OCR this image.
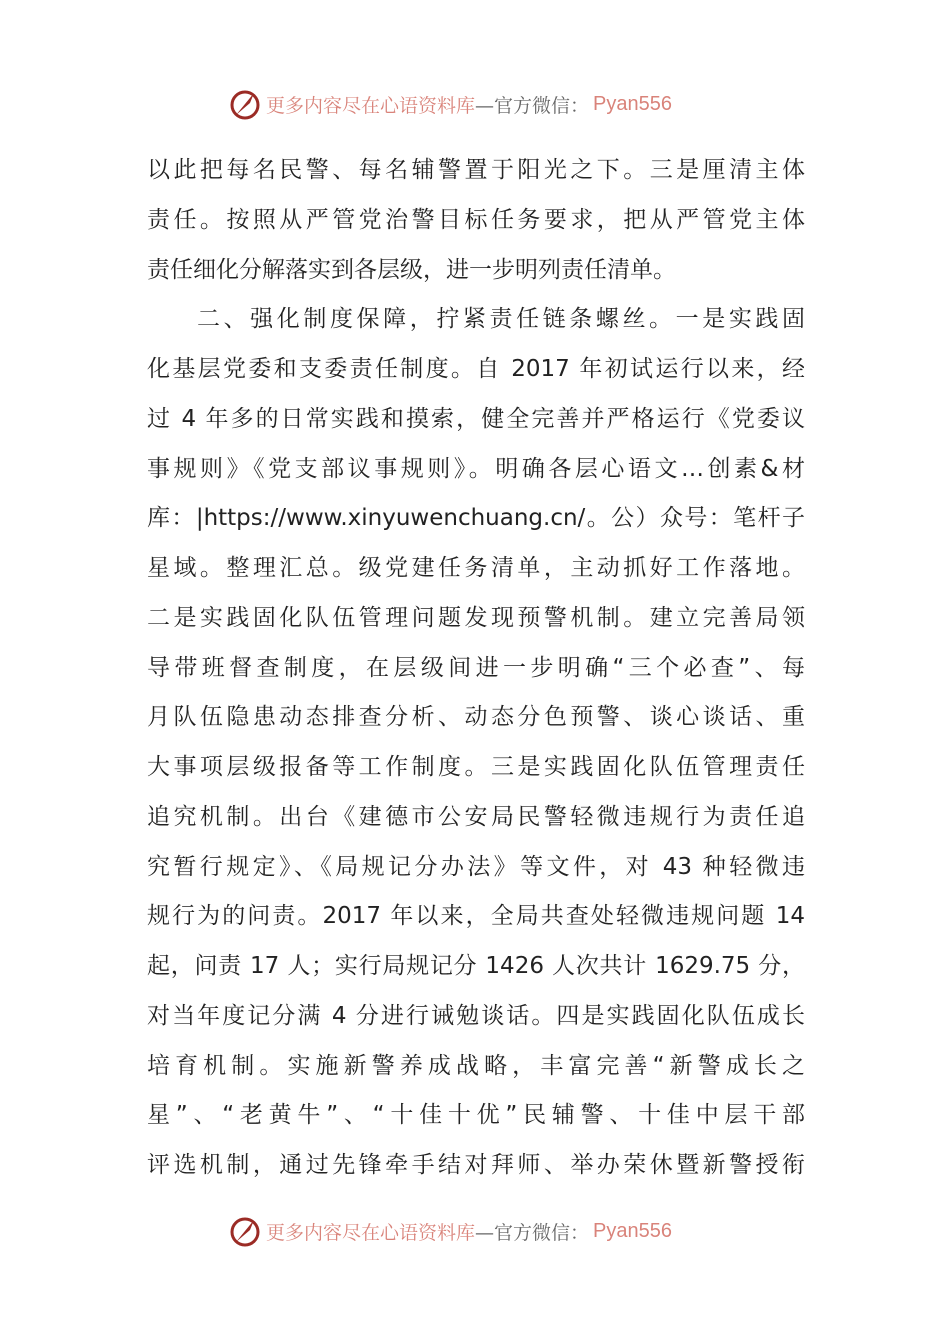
更多内容尽在心语资料库 —官方微信： Pyan556
以此把每名民警、每名辅警置于阳光之下。三是厘清主体
责任。按照从严管党治警目标任务要求，把从严管党主体
责任细化分解落实到各层级，进一步明列责任清单。
二、强化制度保障，拧紧责任链条螺丝。一是实践固
化基层党委和支委责任制度。自 2017 年初试运行以来，经
过 4 年多的日常实践和摸索，健全完善并严格运行《党委议
事规则》《党支部议事规则》。明确各层心语文…创素&材
库：|https://www.xinyuwenchuang.cn/。公）众号：笔杆子
星域。整理汇总。级党建任务清单，主动抓好工作落地。
二是实践固化队伍管理问题发现预警机制。建立完善局领
导带班督查制度，在层级间进一步明确“三个必查”、每
月队伍隐患动态排查分析、动态分色预警、谈心谈话、重
大事项层级报备等工作制度。三是实践固化队伍管理责任
追究机制。出台《建德市公安局民警轻微违规行为责任追
究暂行规定》、《局规记分办法》等文件，对 43 种轻微违
规行为的问责。2017 年以来，全局共查处轻微违规问题 14
起，问责 17 人；实行局规记分 1426 人次共计 1629.75 分，
对当年度记分满 4 分进行诫勉谈话。四是实践固化队伍成长
培育机制。实施新警养成战略，丰富完善“新警成长之
星”、“老黄牛”、“十佳十优”民辅警、十佳中层干部
评选机制，通过先锋牵手结对拜师、举办荣休暨新警授衔
更多内容尽在心语资料库 —官方微信： Pyan556
